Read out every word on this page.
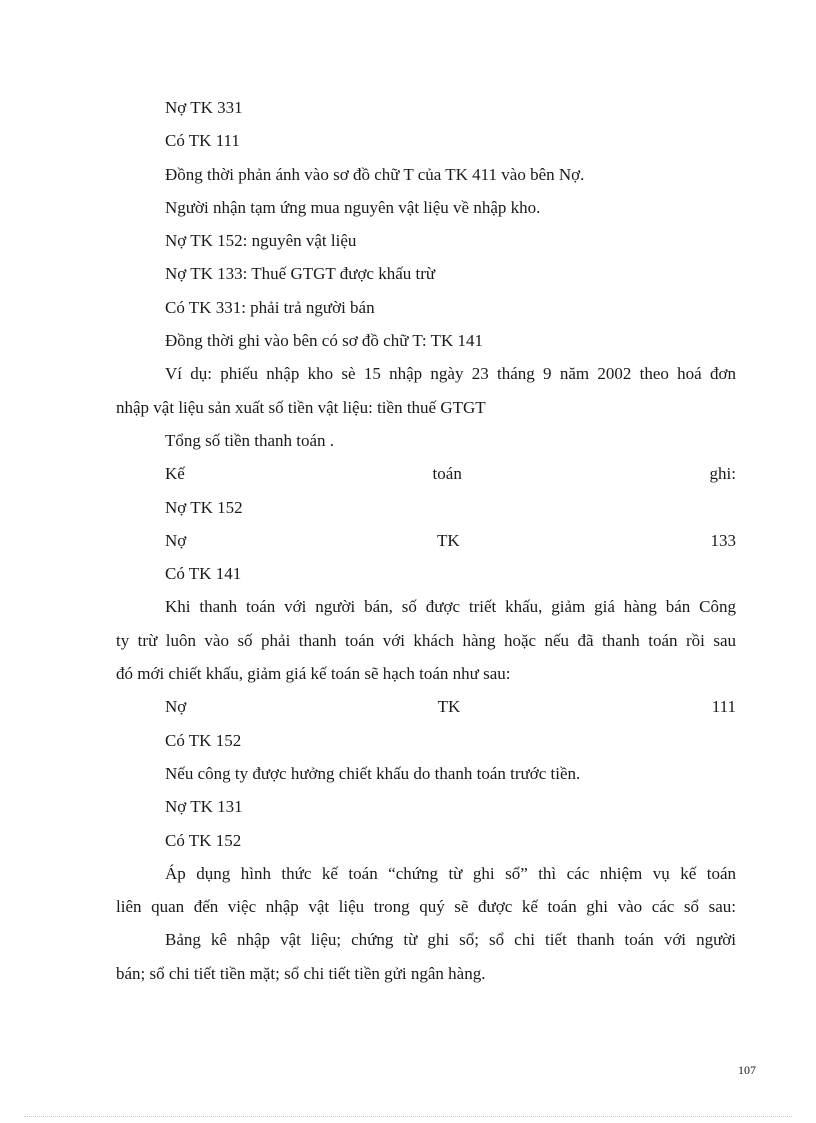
Nợ TK 331
Có TK 111
Đồng thời phản ánh vào sơ đồ chữ T của TK 411 vào bên Nợ.
Người nhận tạm ứng mua nguyên vật liệu về nhập kho.
Nợ TK 152: nguyên vật liệu
Nợ TK 133: Thuế GTGT được khấu trừ
Có TK 331: phải trả người bán
Đồng thời ghi vào bên có sơ đồ chữ T: TK 141
Ví dụ: phiếu nhập kho sè 15 nhập ngày 23 tháng 9 năm 2002 theo hoá đơn
nhập vật liệu sản xuất số tiền vật liệu: tiền thuế GTGT
Tổng số tiền thanh toán .
Kế	toán	ghi:
Nợ TK 152
Nợ	TK	133
Có TK 141
Khi thanh toán với người bán, số được triết khấu, giảm giá hàng bán Công
ty trừ luôn vào số phải thanh toán với khách hàng hoặc nếu đã thanh toán rồi sau
đó mới chiết khấu, giảm giá kế toán sẽ hạch toán như sau:
Nợ	TK	111
Có TK 152
Nếu công ty được hưởng chiết khấu do thanh toán trước tiền.
Nợ TK 131
Có TK 152
Áp dụng hình thức kế toán “chứng từ ghi sổ” thì các nhiệm vụ kế toán
liên quan đến việc nhập vật liệu trong quý sẽ được kế toán ghi vào các sổ sau:
Bảng kê nhập vật liệu; chứng từ ghi sổ; sổ chi tiết thanh toán với người
bán; sổ chi tiết tiền mặt; sổ chi tiết tiền gửi ngân hàng.
107
